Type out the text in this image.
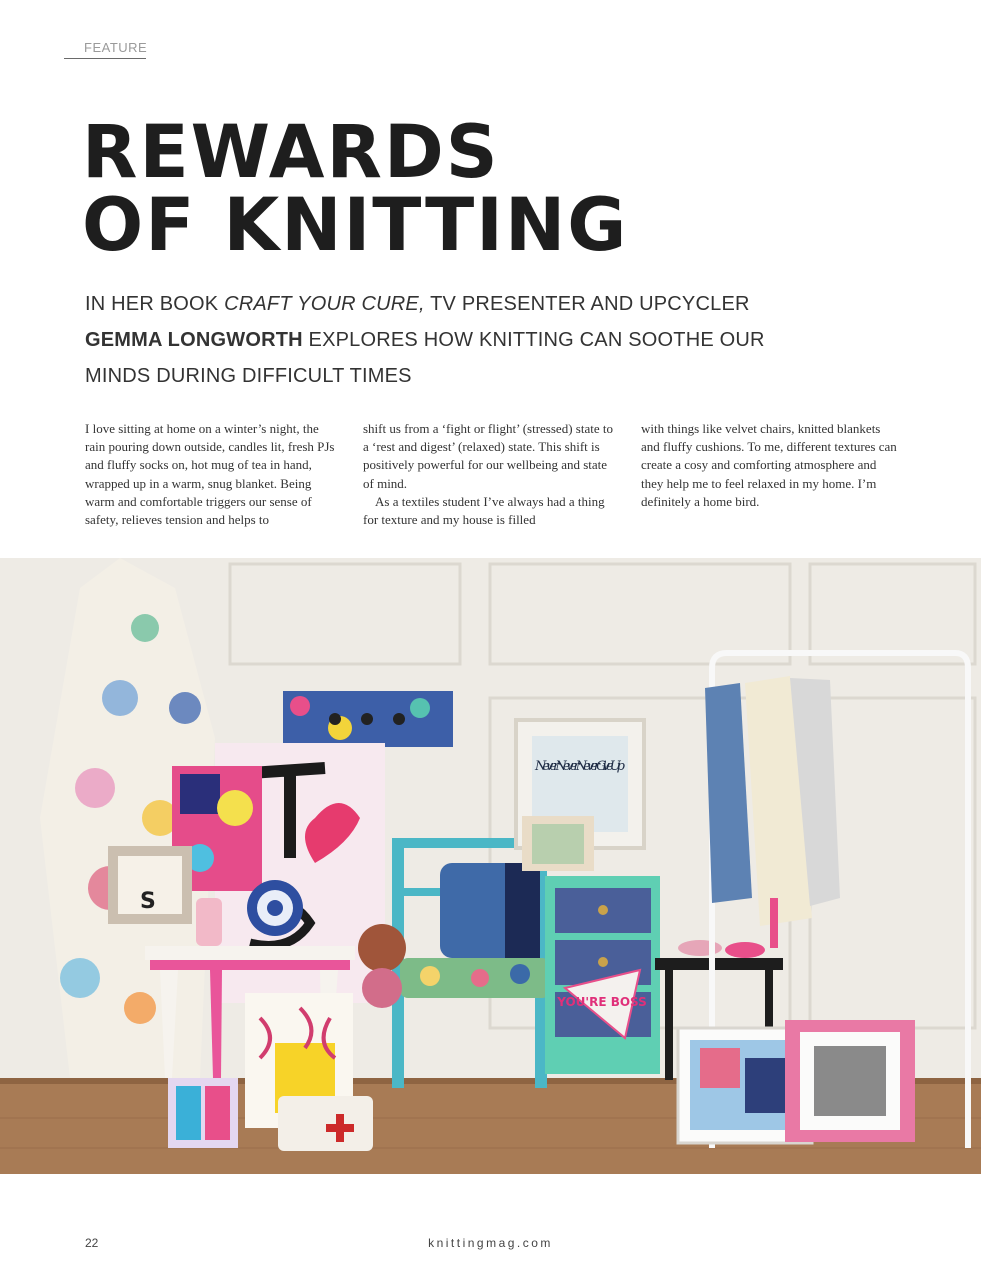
FEATURE
REWARDS
OF KNITTING
IN HER BOOK CRAFT YOUR CURE, TV PRESENTER AND UPCYCLER
GEMMA LONGWORTH EXPLORES HOW KNITTING CAN SOOTHE OUR MINDS DURING DIFFICULT TIMES

I love sitting at home on a winter’s night, the rain pouring down outside, candles lit, fresh PJs and fluffy socks on, hot mug of tea in hand, wrapped up in a warm, snug blanket. Being warm and comfortable triggers our sense of safety, relieves tension and helps to

shift us from a ‘fight or flight’ (stressed) state to a ‘rest and digest’ (relaxed) state. This shift is positively powerful for our wellbeing and state of mind.

As a textiles student I’ve always had a thing for texture and my house is filled

with things like velvet chairs, knitted blankets and fluffy cushions. To me, different textures can create a cosy and comforting atmosphere and they help me to feel relaxed in my home. I’m definitely a home bird.

S
Never Never Never Give Up
YOU'RE BOSS
22	knittingmag.com
